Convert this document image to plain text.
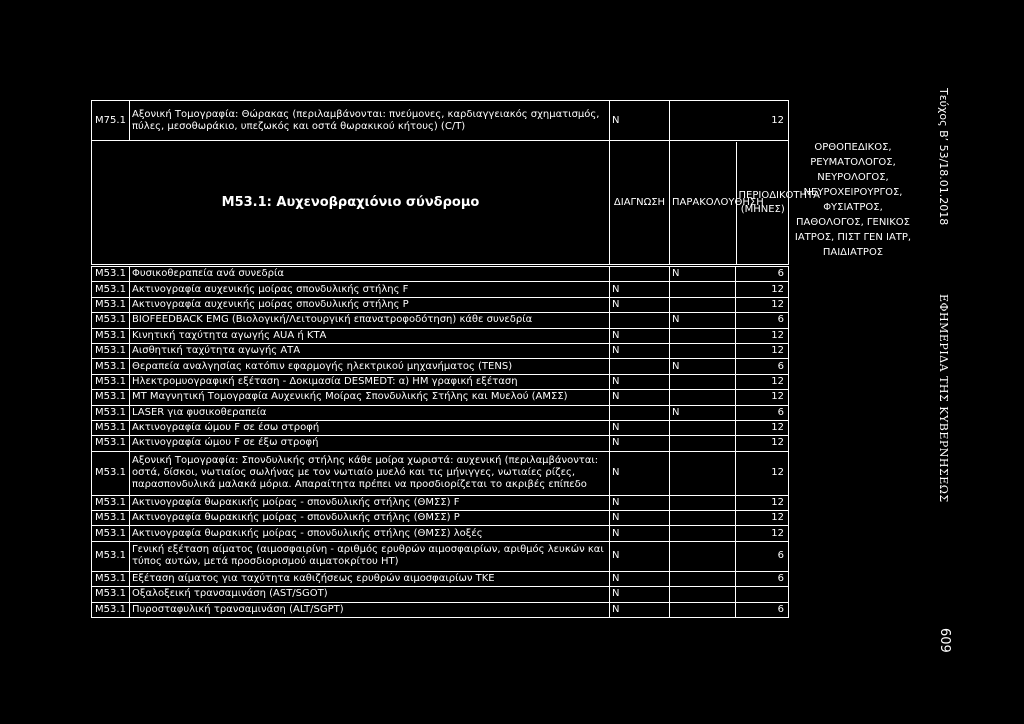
Μ75.1	Αξονική Τομογραφία: Θώρακας (περιλαμβάνονται: πνεύμονες, καρδιαγγειακός σχηματισμός, πύλες, μεσοθωράκιο, υπεζωκός και οστά θωρακικού κήτους) (C/T)	Ν	12
Μ53.1: Αυχενοβραχιόνιο σύνδρομο	ΔΙΑΓΝΩΣΗ	ΠΑΡΑΚΟΛΟΥΘΗΣΗ	ΠΕΡΙΟΔΙΚΟΤΗΤΑ (ΜΗΝΕΣ)
ΟΡΘΟΠΕΔΙΚΟΣ, ΡΕΥΜΑΤΟΛΟΓΟΣ, ΝΕΥΡΟΛΟΓΟΣ, ΝΕΥΡΟΧΕΙΡΟΥΡΓΟΣ, ΦΥΣΙΑΤΡΟΣ, ΠΑΘΟΛΟΓΟΣ, ΓΕΝΙΚΟΣ ΙΑΤΡΟΣ, ΠΙΣΤ ΓΕΝ ΙΑΤΡ, ΠΑΙΔΙΑΤΡΟΣ
Μ53.1	Φυσικοθεραπεία ανά συνεδρία		Ν	6
Μ53.1	Ακτινογραφία αυχενικής μοίρας σπονδυλικής στήλης F	Ν		12
Μ53.1	Ακτινογραφία αυχενικής μοίρας σπονδυλικής στήλης P	Ν		12
Μ53.1	BIOFEEDBACK EMG (Βιολογική/Λειτουργική επανατροφοδότηση) κάθε συνεδρία		Ν	6
Μ53.1	Κινητική ταχύτητα αγωγής AUA ή ΚΤΑ	Ν		12
Μ53.1	Αισθητική ταχύτητα αγωγής ΑΤΑ	Ν		12
Μ53.1	Θεραπεία αναλγησίας κατόπιν εφαρμογής ηλεκτρικού μηχανήματος (TENS)		Ν	6
Μ53.1	Ηλεκτρομυογραφική εξέταση - Δοκιμασία DESMEDT: α) ΗΜ γραφική εξέταση	Ν		12
Μ53.1	ΜΤ Μαγνητική Τομογραφία Αυχενικής Μοίρας Σπονδυλικής Στήλης και Μυελού (ΑΜΣΣ)	Ν		12
Μ53.1	LASER για φυσικοθεραπεία		Ν	6
Μ53.1	Ακτινογραφία ώμου F σε έσω στροφή	Ν		12
Μ53.1	Ακτινογραφία ώμου F σε έξω στροφή	Ν		12
Μ53.1	Αξονική Τομογραφία: Σπονδυλικής στήλης κάθε μοίρα χωριστά: αυχενική (περιλαμβάνονται: οστά, δίσκοι, νωτιαίος σωλήνας με τον νωτιαίο μυελό και τις μήνιγγες, νωτιαίες ρίζες, παρασπονδυλικά μαλακά μόρια. Απαραίτητα πρέπει να προσδιορίζεται το ακριβές επίπεδο	Ν		12
Μ53.1	Ακτινογραφία θωρακικής μοίρας - σπονδυλικής στήλης (ΘΜΣΣ) F	Ν		12
Μ53.1	Ακτινογραφία θωρακικής μοίρας - σπονδυλικής στήλης (ΘΜΣΣ) P	Ν		12
Μ53.1	Ακτινογραφία θωρακικής μοίρας - σπονδυλικής στήλης (ΘΜΣΣ) λοξές	Ν		12
Μ53.1	Γενική εξέταση αίματος (αιμοσφαιρίνη - αριθμός ερυθρών αιμοσφαιρίων, αριθμός λευκών και τύπος αυτών, μετά προσδιορισμού αιματοκρίτου ΗΤ)	Ν		6
Μ53.1	Εξέταση αίματος για ταχύτητα καθιζήσεως ερυθρών αιμοσφαιρίων ΤΚΕ	Ν		6
Μ53.1	Οξαλοξεική τρανσαμινάση (AST/SGOT)	Ν		
Μ53.1	Πυροσταφυλική τρανσαμινάση (ALT/SGPT)	Ν		6
Τεύχος Β’ 53/18.01.2018
ΕΦΗΜΕΡΙΔΑ ΤΗΣ ΚΥΒΕΡΝΗΣΕΩΣ
609
